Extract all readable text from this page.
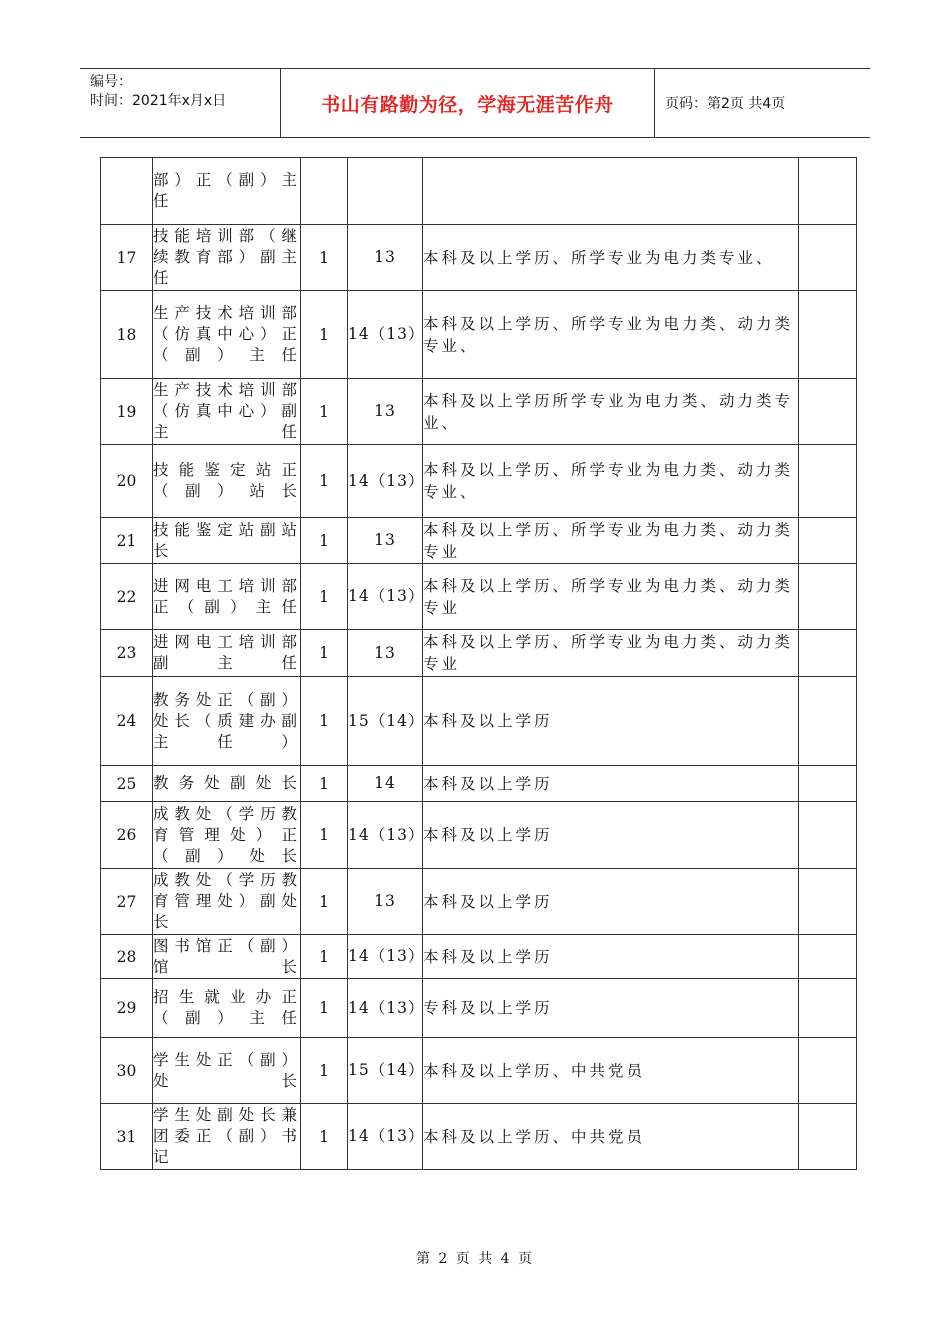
编号：
时间：2021年x月x日	书山有路勤为径，学海无涯苦作舟	页码：第2页 共4页
	部）正（副）主任				
17	技能培训部（继续教育部）副主任	1	13	本科及以上学历、所学专业为电力类专业、	
18	生产技术培训部（仿真中心）正（副）主任	1	14（13）	本科及以上学历、所学专业为电力类、动力类专业、	
19	生产技术培训部（仿真中心）副主任	1	13	本科及以上学历所学专业为电力类、动力类专业、	
20	技能鉴定站正（副）站长	1	14（13）	本科及以上学历、所学专业为电力类、动力类专业、	
21	技能鉴定站副站长	1	13	本科及以上学历、所学专业为电力类、动力类专业	
22	进网电工培训部正（副）主任	1	14（13）	本科及以上学历、所学专业为电力类、动力类专业	
23	进网电工培训部副主任	1	13	本科及以上学历、所学专业为电力类、动力类专业	
24	教务处正（副）处长（质建办副主任）	1	15（14）	本科及以上学历	
25	教务处副处长	1	14	本科及以上学历	
26	成教处（学历教育管理处）正（副）处长	1	14（13）	本科及以上学历	
27	成教处（学历教育管理处）副处长	1	13	本科及以上学历	
28	图书馆正（副）馆长	1	14（13）	本科及以上学历	
29	招生就业办正（副）主任	1	14（13）	专科及以上学历	
30	学生处正（副）处长	1	15（14）	本科及以上学历、中共党员	
31	学生处副处长兼团委正（副）书记	1	14（13）	本科及以上学历、中共党员	
第 2 页 共 4 页
